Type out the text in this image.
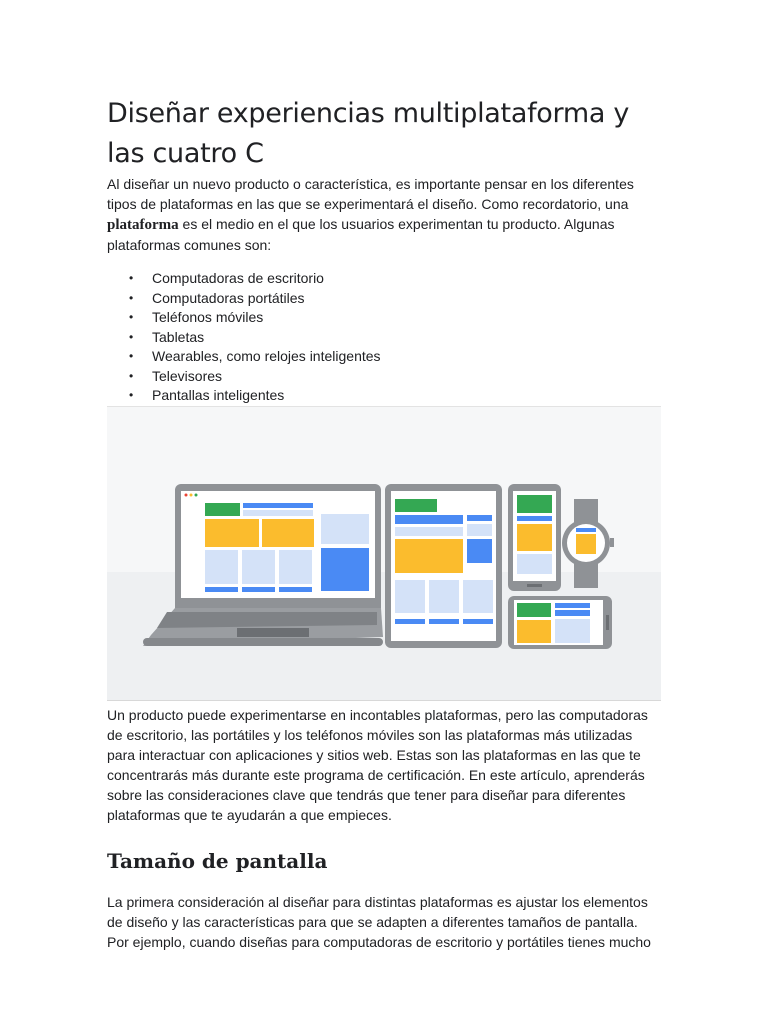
Diseñar experiencias multiplataforma y las cuatro C

Al diseñar un nuevo producto o característica, es importante pensar en los diferentes tipos de plataformas en las que se experimentará el diseño. Como recordatorio, una plataforma es el medio en el que los usuarios experimentan tu producto. Algunas plataformas comunes son:

• Computadoras de escritorio
• Computadoras portátiles
• Teléfonos móviles
• Tabletas
• Wearables, como relojes inteligentes
• Televisores
• Pantallas inteligentes

Un producto puede experimentarse en incontables plataformas, pero las computadoras de escritorio, las portátiles y los teléfonos móviles son las plataformas más utilizadas para interactuar con aplicaciones y sitios web. Estas son las plataformas en las que te concentrarás más durante este programa de certificación. En este artículo, aprenderás sobre las consideraciones clave que tendrás que tener para diseñar para diferentes plataformas que te ayudarán a que empieces.

Tamaño de pantalla

La primera consideración al diseñar para distintas plataformas es ajustar los elementos de diseño y las características para que se adapten a diferentes tamaños de pantalla. Por ejemplo, cuando diseñas para computadoras de escritorio y portátiles tienes mucho
